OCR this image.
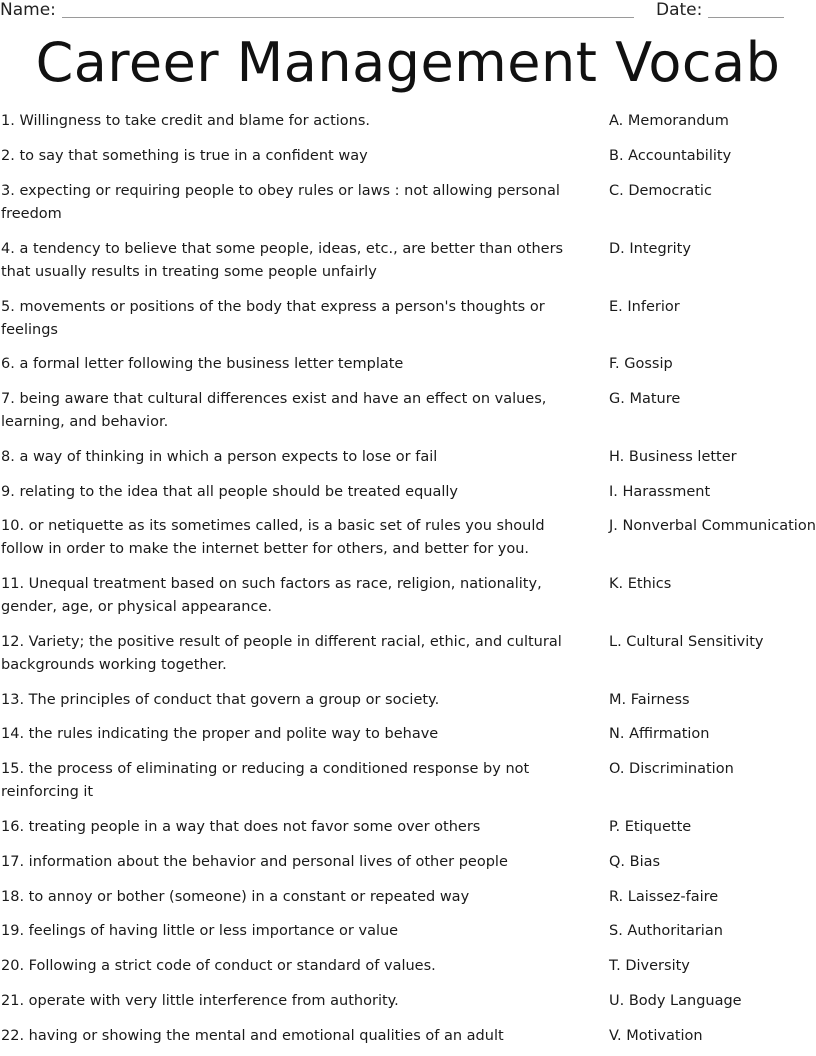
Name:	Date:
Career Management Vocab
1. Willingness to take credit and blame for actions.	A. Memorandum
2. to say that something is true in a confident way	B. Accountability
3. expecting or requiring people to obey rules or laws : not allowing personal freedom
C. Democratic
4. a tendency to believe that some people, ideas, etc., are better than others that usually results in treating some people unfairly
D. Integrity
5. movements or positions of the body that express a person's thoughts or feelings
E. Inferior
6. a formal letter following the business letter template	F. Gossip
7. being aware that cultural differences exist and have an effect on values, learning, and behavior.
G. Mature
8. a way of thinking in which a person expects to lose or fail	H. Business letter
9. relating to the idea that all people should be treated equally	I. Harassment
10. or netiquette as its sometimes called, is a basic set of rules you should follow in order to make the internet better for others, and better for you.
J. Nonverbal Communication
11. Unequal treatment based on such factors as race, religion, nationality, gender, age, or physical appearance.
K. Ethics
12. Variety; the positive result of people in different racial, ethic, and cultural backgrounds working together.
L. Cultural Sensitivity
13. The principles of conduct that govern a group or society.	M. Fairness
14. the rules indicating the proper and polite way to behave	N. Affirmation
15. the process of eliminating or reducing a conditioned response by not reinforcing it
O. Discrimination
16. treating people in a way that does not favor some over others	P. Etiquette
17. information about the behavior and personal lives of other people	Q. Bias
18. to annoy or bother (someone) in a constant or repeated way	R. Laissez-faire
19. feelings of having little or less importance or value	S. Authoritarian
20. Following a strict code of conduct or standard of values.	T. Diversity
21. operate with very little interference from authority.	U. Body Language
22. having or showing the mental and emotional qualities of an adult	V. Motivation
